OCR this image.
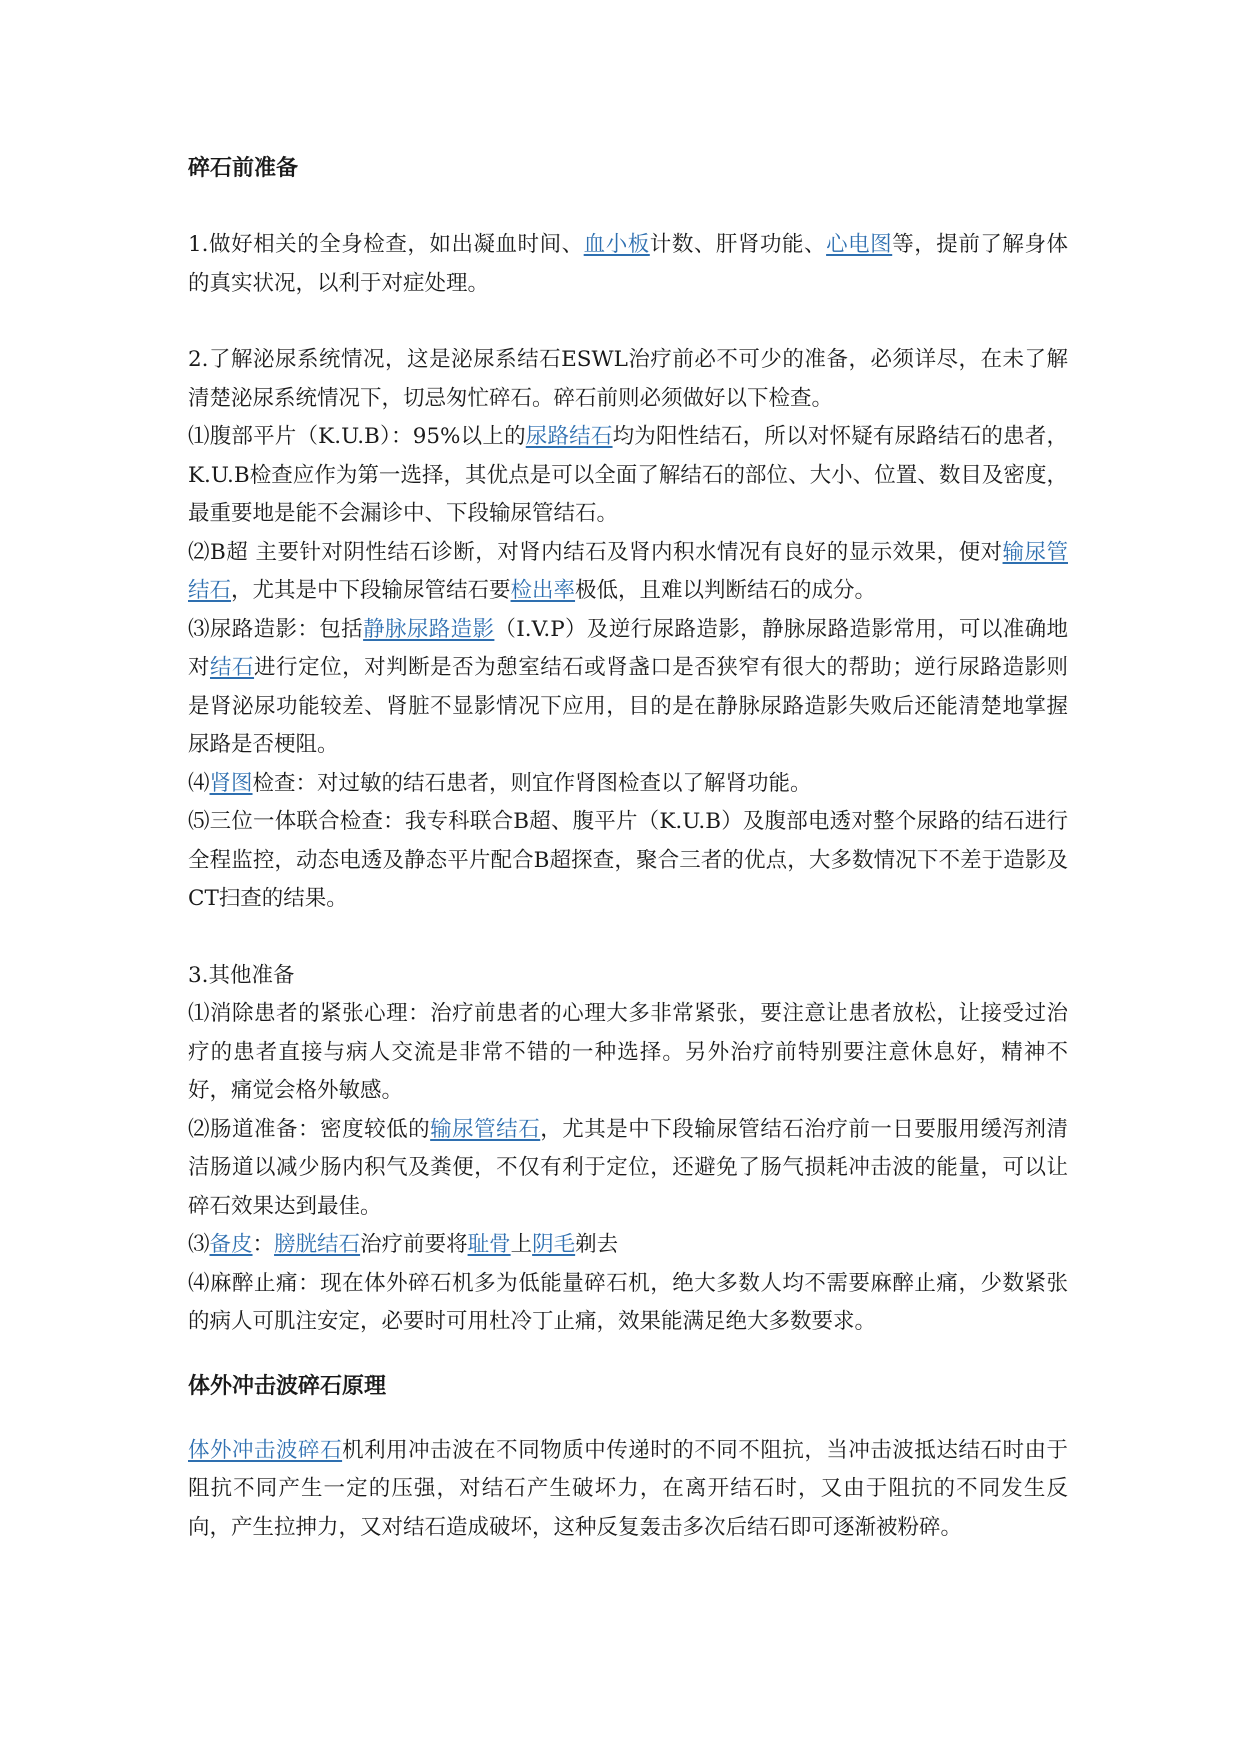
碎石前准备

1.做好相关的全身检查，如出凝血时间、血小板计数、肝肾功能、心电图等，提前了解身体的真实状况，以利于对症处理。

2.了解泌尿系统情况，这是泌尿系结石ESWL治疗前必不可少的准备，必须详尽，在未了解清楚泌尿系统情况下，切忌匆忙碎石。碎石前则必须做好以下检查。

⑴腹部平片（K.U.B）：95%以上的尿路结石均为阳性结石，所以对怀疑有尿路结石的患者，K.U.B检查应作为第一选择，其优点是可以全面了解结石的部位、大小、位置、数目及密度，最重要地是能不会漏诊中、下段输尿管结石。

⑵B超 主要针对阴性结石诊断，对肾内结石及肾内积水情况有良好的显示效果，便对输尿管结石，尤其是中下段输尿管结石要检出率极低，且难以判断结石的成分。

⑶尿路造影：包括静脉尿路造影（I.V.P）及逆行尿路造影，静脉尿路造影常用，可以准确地对结石进行定位，对判断是否为憩室结石或肾盏口是否狭窄有很大的帮助；逆行尿路造影则是肾泌尿功能较差、肾脏不显影情况下应用，目的是在静脉尿路造影失败后还能清楚地掌握尿路是否梗阻。

⑷肾图检查：对过敏的结石患者，则宜作肾图检查以了解肾功能。

⑸三位一体联合检查：我专科联合B超、腹平片（K.U.B）及腹部电透对整个尿路的结石进行全程监控，动态电透及静态平片配合B超探查，聚合三者的优点，大多数情况下不差于造影及CT扫查的结果。

3.其他准备

⑴消除患者的紧张心理：治疗前患者的心理大多非常紧张，要注意让患者放松，让接受过治疗的患者直接与病人交流是非常不错的一种选择。另外治疗前特别要注意休息好，精神不好，痛觉会格外敏感。

⑵肠道准备：密度较低的输尿管结石，尤其是中下段输尿管结石治疗前一日要服用缓泻剂清洁肠道以减少肠内积气及粪便，不仅有利于定位，还避免了肠气损耗冲击波的能量，可以让碎石效果达到最佳。

⑶备皮：膀胱结石治疗前要将耻骨上阴毛剃去

⑷麻醉止痛：现在体外碎石机多为低能量碎石机，绝大多数人均不需要麻醉止痛，少数紧张的病人可肌注安定，必要时可用杜冷丁止痛，效果能满足绝大多数要求。

体外冲击波碎石原理

体外冲击波碎石机利用冲击波在不同物质中传递时的不同不阻抗，当冲击波抵达结石时由于阻抗不同产生一定的压强，对结石产生破坏力，在离开结石时，又由于阻抗的不同发生反向，产生拉抻力，又对结石造成破坏，这种反复轰击多次后结石即可逐渐被粉碎。
